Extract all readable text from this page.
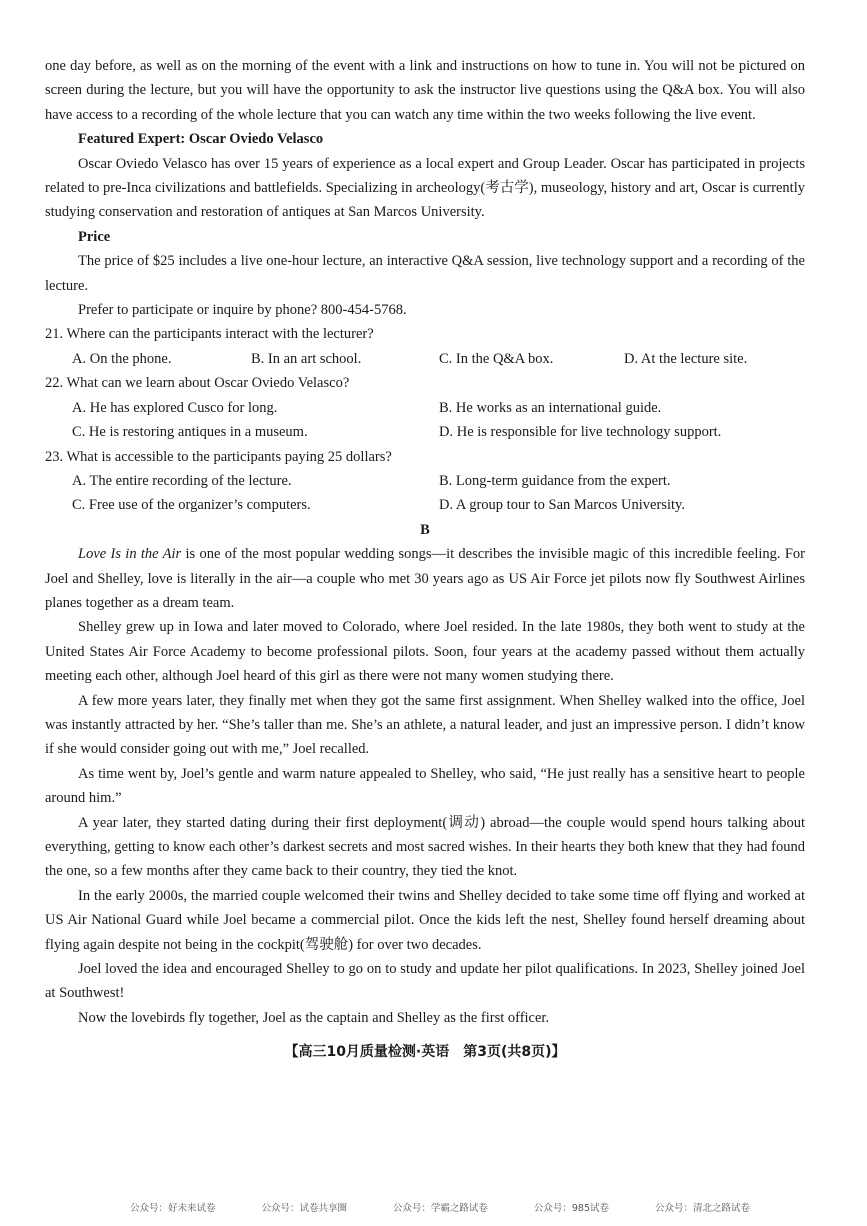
one day before, as well as on the morning of the event with a link and instructions on how to tune in. You will not be pictured on screen during the lecture, but you will have the opportunity to ask the instructor live questions using the Q&A box. You will also have access to a recording of the whole lecture that you can watch any time within the two weeks following the live event.

Featured Expert: Oscar Oviedo Velasco

Oscar Oviedo Velasco has over 15 years of experience as a local expert and Group Leader. Oscar has participated in projects related to pre-Inca civilizations and battlefields. Specializing in archeology(考古学), museology, history and art, Oscar is currently studying conservation and restoration of antiques at San Marcos University.

Price

The price of $25 includes a live one-hour lecture, an interactive Q&A session, live technology support and a recording of the lecture.

Prefer to participate or inquire by phone? 800-454-5768.

21. Where can the participants interact with the lecturer?
A. On the phone.	B. In an art school.	C. In the Q&A box.	D. At the lecture site.
22. What can we learn about Oscar Oviedo Velasco?
A. He has explored Cusco for long.	B. He works as an international guide.
C. He is restoring antiques in a museum.	D. He is responsible for live technology support.
23. What is accessible to the participants paying 25 dollars?
A. The entire recording of the lecture.	B. Long-term guidance from the expert.
C. Free use of the organizer’s computers.	D. A group tour to San Marcos University.
B

Love Is in the Air is one of the most popular wedding songs—it describes the invisible magic of this incredible feeling. For Joel and Shelley, love is literally in the air—a couple who met 30 years ago as US Air Force jet pilots now fly Southwest Airlines planes together as a dream team.

Shelley grew up in Iowa and later moved to Colorado, where Joel resided. In the late 1980s, they both went to study at the United States Air Force Academy to become professional pilots. Soon, four years at the academy passed without them actually meeting each other, although Joel heard of this girl as there were not many women studying there.

A few more years later, they finally met when they got the same first assignment. When Shelley walked into the office, Joel was instantly attracted by her. “She’s taller than me. She’s an athlete, a natural leader, and just an impressive person. I didn’t know if she would consider going out with me,” Joel recalled.

As time went by, Joel’s gentle and warm nature appealed to Shelley, who said, “He just really has a sensitive heart to people around him.”

A year later, they started dating during their first deployment(调动) abroad—the couple would spend hours talking about everything, getting to know each other’s darkest secrets and most sacred wishes. In their hearts they both knew that they had found the one, so a few months after they came back to their country, they tied the knot.

In the early 2000s, the married couple welcomed their twins and Shelley decided to take some time off flying and worked at US Air National Guard while Joel became a commercial pilot. Once the kids left the nest, Shelley found herself dreaming about flying again despite not being in the cockpit(驾驶舱) for over two decades.

Joel loved the idea and encouraged Shelley to go on to study and update her pilot qualifications. In 2023, Shelley joined Joel at Southwest!

Now the lovebirds fly together, Joel as the captain and Shelley as the first officer.

【高三10月质量检测·英语　第3页(共8页)】
公众号：好未来试卷	公众号：试卷共享圈	公众号：学霸之路试卷	公众号：985试卷	公众号：清北之路试卷
